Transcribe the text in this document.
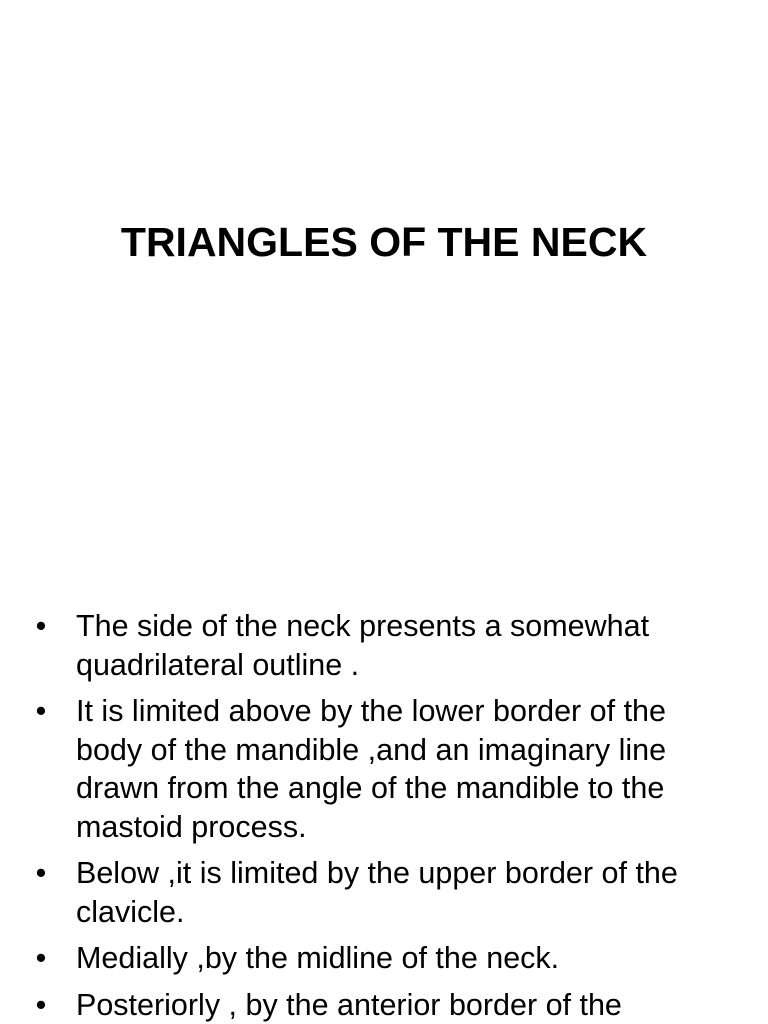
TRIANGLES OF THE NECK
• The side of the neck presents a somewhat quadrilateral outline .
• It is limited above by the lower border of the body of the mandible ,and an imaginary line drawn from the angle of the mandible to the mastoid process.
• Below ,it is limited by the upper border of the clavicle.
• Medially ,by the midline of the neck.
• Posteriorly , by the anterior border of the
